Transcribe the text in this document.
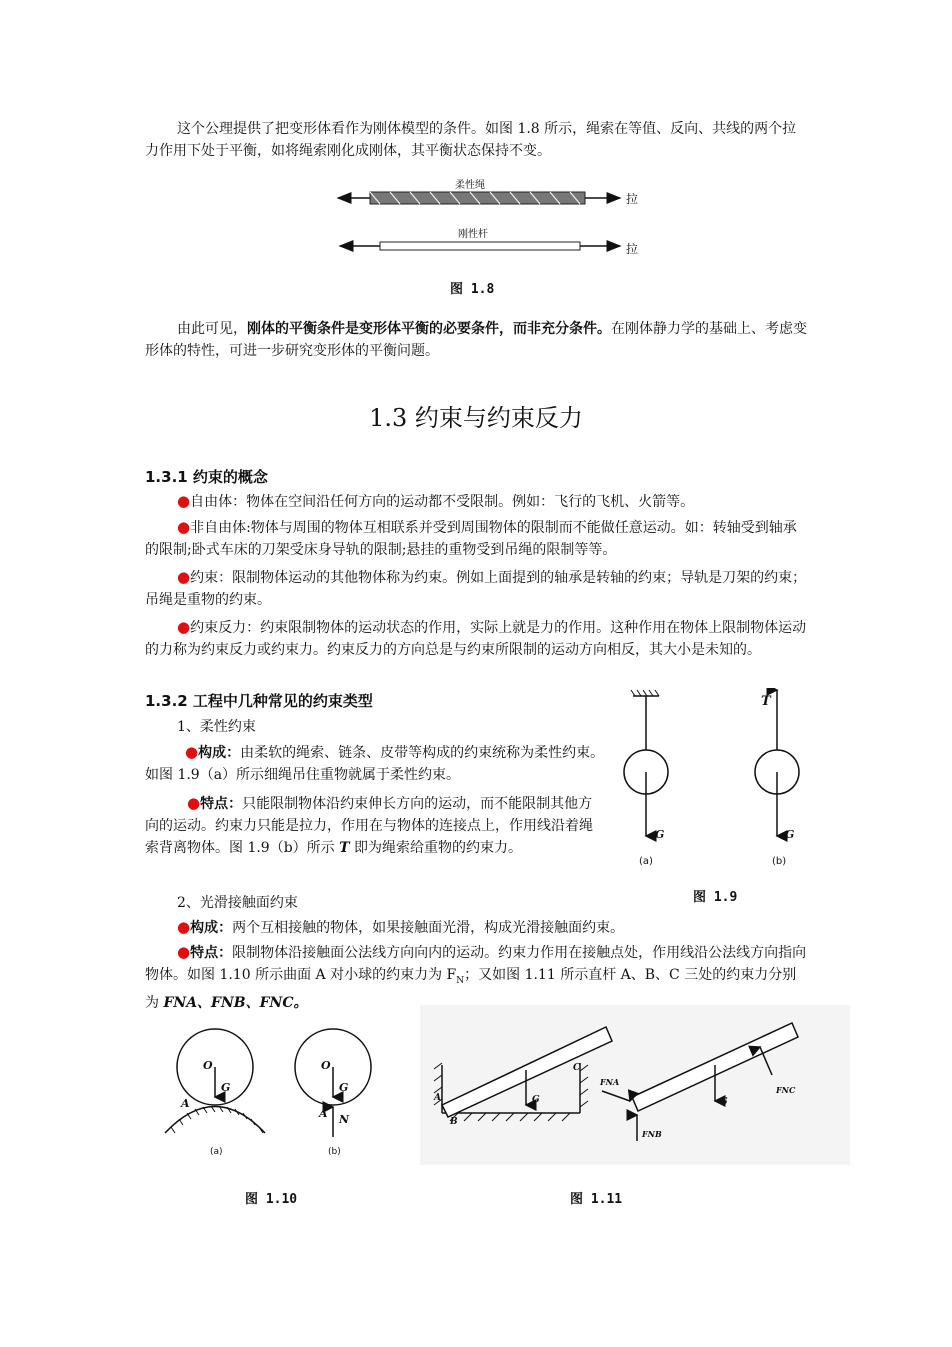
这个公理提供了把变形体看作为刚体模型的条件。如图 1.8 所示，绳索在等值、反向、共线的两个拉力作用下处于平衡，如将绳索刚化成刚体，其平衡状态保持不变。

柔性绳
刚性杆
拉
拉
图 1.8

由此可见，刚体的平衡条件是变形体平衡的必要条件，而非充分条件。在刚体静力学的基础上、考虑变形体的特性，可进一步研究变形体的平衡问题。

1.3 约束与约束反力
1.3.1 约束的概念

●自由体：物体在空间沿任何方向的运动都不受限制。例如：飞行的飞机、火箭等。

●非自由体:物体与周围的物体互相联系并受到周围物体的限制而不能做任意运动。如：转轴受到轴承的限制;卧式车床的刀架受床身导轨的限制;悬挂的重物受到吊绳的限制等等。

●约束：限制物体运动的其他物体称为约束。例如上面提到的轴承是转轴的约束；导轨是刀架的约束；吊绳是重物的约束。

●约束反力：约束限制物体的运动状态的作用，实际上就是力的作用。这种作用在物体上限制物体运动的力称为约束反力或约束力。约束反力的方向总是与约束所限制的运动方向相反，其大小是未知的。

1.3.2 工程中几种常见的约束类型

1、柔性约束

●构成：由柔软的绳索、链条、皮带等构成的约束统称为柔性约束。如图 1.9（a）所示细绳吊住重物就属于柔性约束。

●特点：只能限制物体沿约束伸长方向的运动，而不能限制其他方向的运动。约束力只能是拉力，作用在与物体的连接点上，作用线沿着绳索背离物体。图 1.9（b）所示 T 即为绳索给重物的约束力。

T
G	G
(a)	(b)
图 1.9

2、光滑接触面约束

●构成：两个互相接触的物体，如果接触面光滑，构成光滑接触面约束。

●特点：限制物体沿接触面公法线方向向内的运动。约束力作用在接触点处，作用线沿公法线方向指向物体。如图 1.10 所示曲面 A 对小球的约束力为 $F_N$；又如图 1.11 所示直杆 A、B、C 三处的约束力分别为 FNA、FNB、FNC。

O
G
A
O
G
A N
(a)	(b)
图 1.10
A
B
C
G
FNA
G
FNC
FNB
图 1.11
